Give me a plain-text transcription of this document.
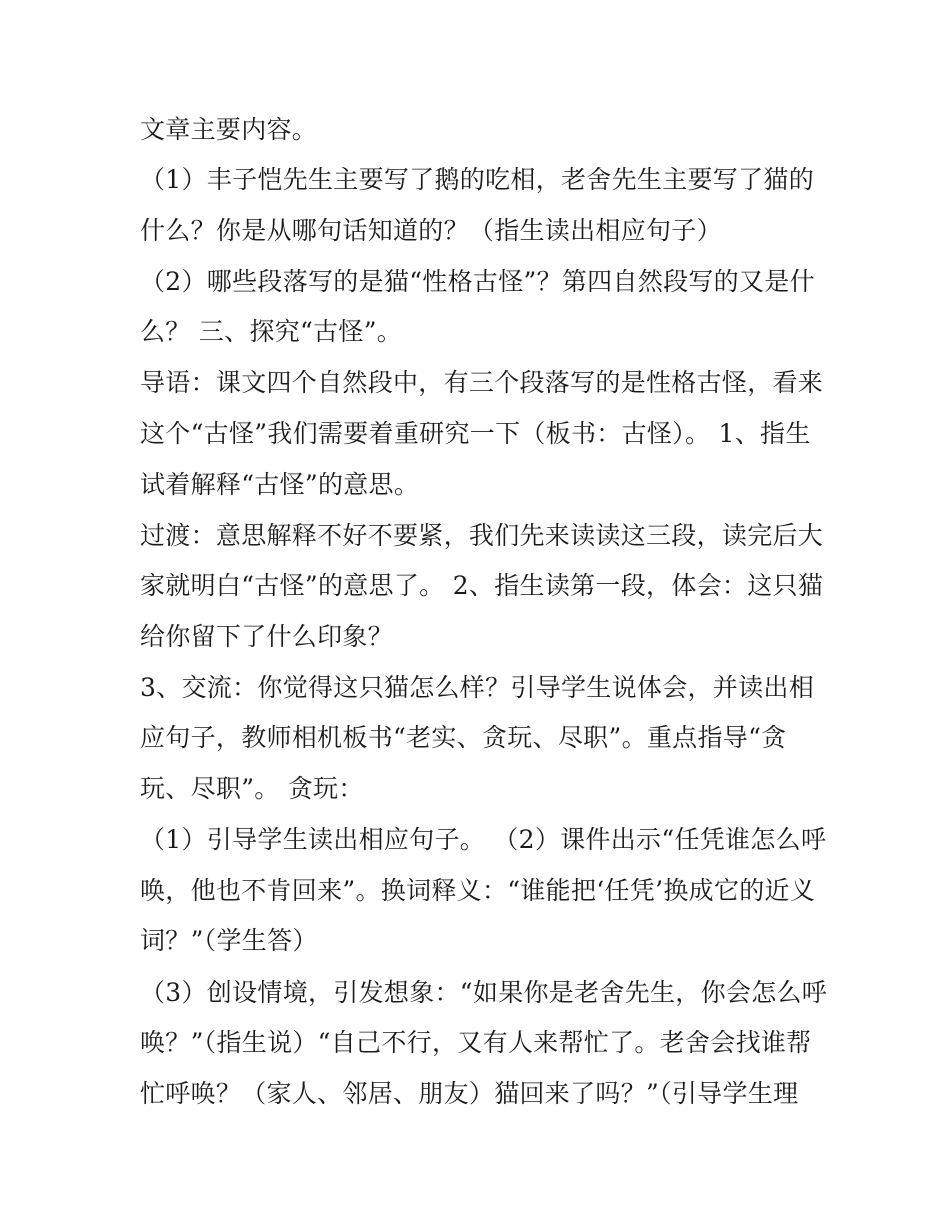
文章主要内容。
（1）丰子恺先生主要写了鹅的吃相，老舍先生主要写了猫的
什么？你是从哪句话知道的？（指生读出相应句子）
（2）哪些段落写的是猫“性格古怪”？第四自然段写的又是什
么？ 三、探究“古怪”。
导语：课文四个自然段中，有三个段落写的是性格古怪，看来
这个“古怪”我们需要着重研究一下（板书：古怪）。 1、指生
试着解释“古怪”的意思。
过渡：意思解释不好不要紧，我们先来读读这三段，读完后大
家就明白“古怪”的意思了。 2、指生读第一段，体会：这只猫
给你留下了什么印象？
3、交流：你觉得这只猫怎么样？引导学生说体会，并读出相
应句子，教师相机板书“老实、贪玩、尽职”。重点指导“贪
玩、尽职”。 贪玩：
（1）引导学生读出相应句子。 （2）课件出示“任凭谁怎么呼
唤，他也不肯回来”。换词释义：“谁能把‘任凭’换成它的近义
词？”（学生答）
（3）创设情境，引发想象：“如果你是老舍先生，你会怎么呼
唤？”（指生说）“自己不行，又有人来帮忙了。老舍会找谁帮
忙呼唤？（家人、邻居、朋友）猫回来了吗？”（引导学生理
